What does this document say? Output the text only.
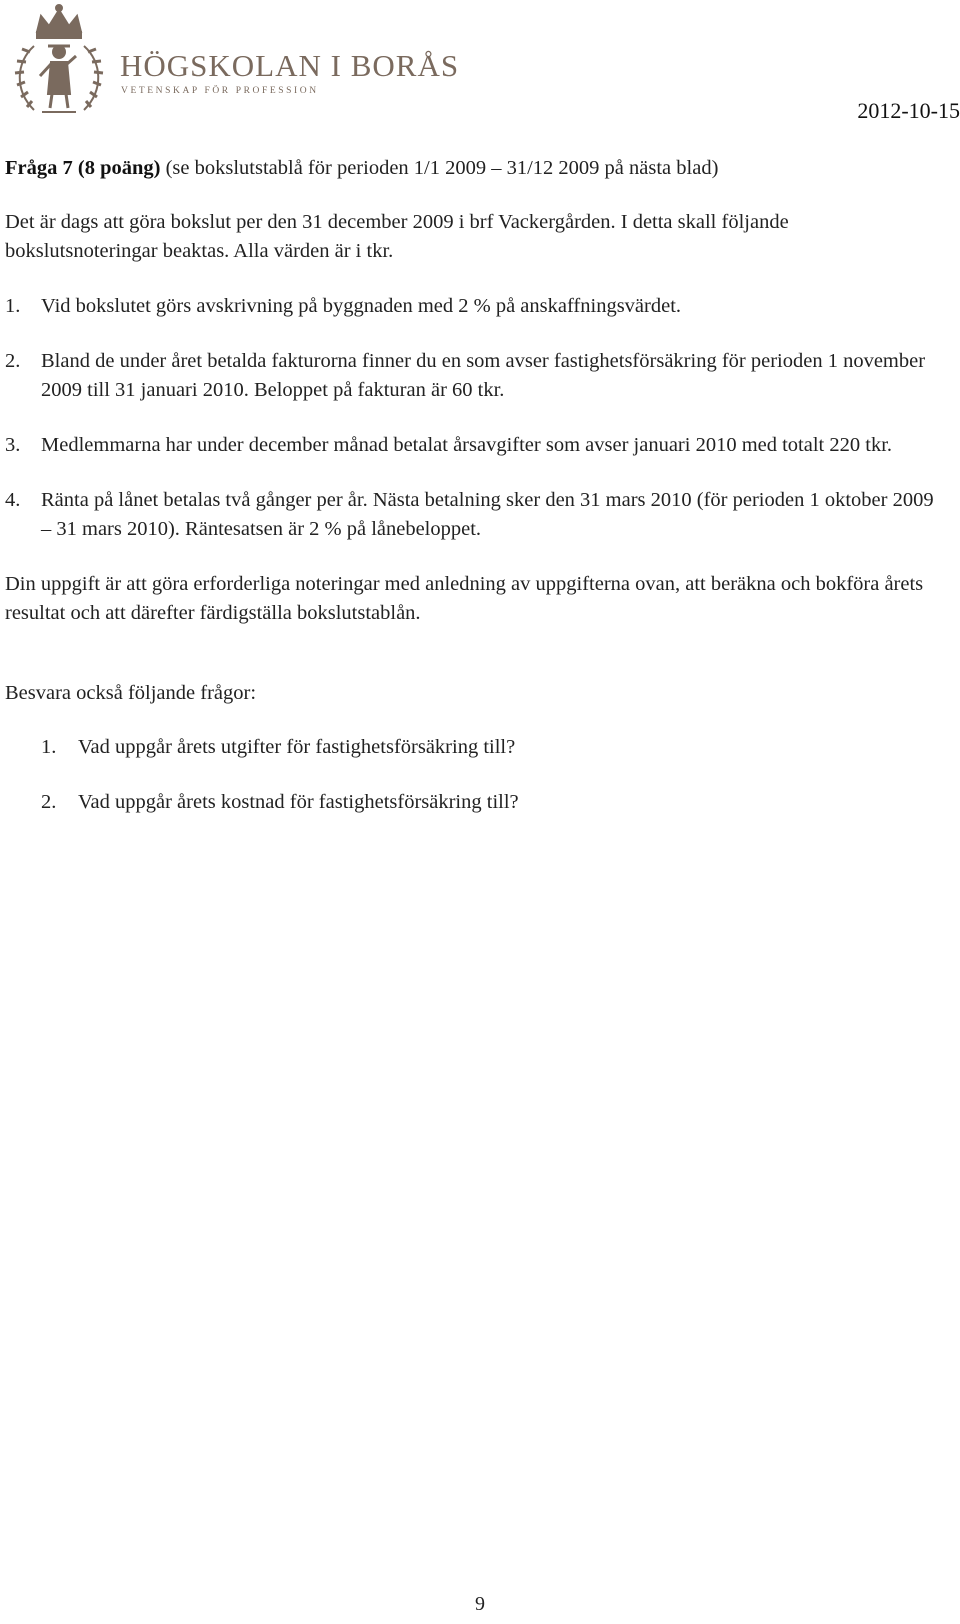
HÖGSKOLAN I BORÅS
VETENSKAP FÖR PROFESSION
2012-10-15

Fråga 7 (8 poäng) (se bokslutstablå för perioden 1/1 2009 – 31/12 2009 på nästa blad)

Det är dags att göra bokslut per den 31 december 2009 i brf Vackergården. I detta skall följande bokslutsnoteringar beaktas. Alla värden är i tkr.

1. Vid bokslutet görs avskrivning på byggnaden med 2 % på anskaffningsvärdet.
2. Bland de under året betalda fakturorna finner du en som avser fastighetsförsäkring för perioden 1 november 2009 till 31 januari 2010. Beloppet på fakturan är 60 tkr.
3. Medlemmarna har under december månad betalat årsavgifter som avser januari 2010 med totalt 220 tkr.
4. Ränta på lånet betalas två gånger per år. Nästa betalning sker den 31 mars 2010 (för perioden 1 oktober 2009 – 31 mars 2010). Räntesatsen är 2 % på lånebeloppet.

Din uppgift är att göra erforderliga noteringar med anledning av uppgifterna ovan, att beräkna och bokföra årets resultat och att därefter färdigställa bokslutstablån.

Besvara också följande frågor:

1. Vad uppgår årets utgifter för fastighetsförsäkring till?
2. Vad uppgår årets kostnad för fastighetsförsäkring till?
9
